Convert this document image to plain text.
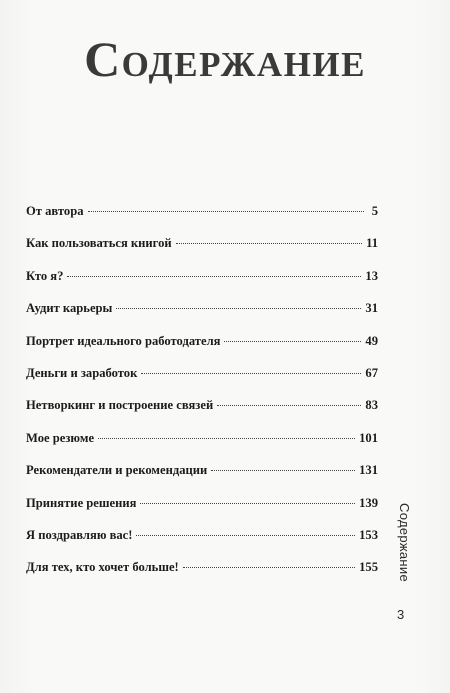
Содержание
От автора	5
Как пользоваться книгой	11
Кто я?	13
Аудит карьеры	31
Портрет идеального работодателя	49
Деньги и заработок	67
Нетворкинг и построение связей	83
Мое резюме	101
Рекомендатели и рекомендации	131
Принятие решения	139
Я поздравляю вас!	153
Для тех, кто хочет больше!	155 Содержание
3
